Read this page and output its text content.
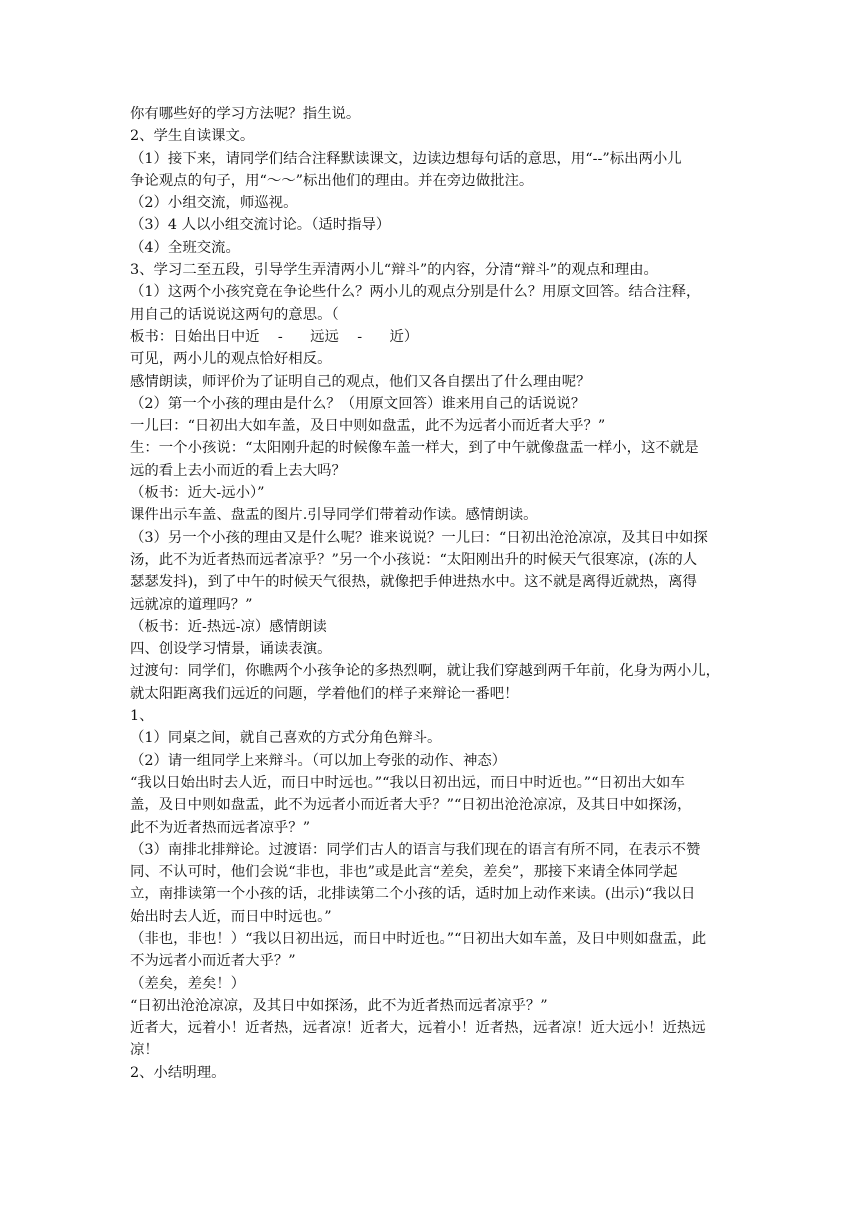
你有哪些好的学习方法呢？指生说。
2、学生自读课文。
（1）接下来，请同学们结合注释默读课文，边读边想每句话的意思，用“--”标出两小儿
争论观点的句子，用“～～”标出他们的理由。并在旁边做批注。
（2）小组交流，师巡视。
（3）4 人以小组交流讨论。（适时指导）
（4）全班交流。
3、学习二至五段，引导学生弄清两小儿“辩斗”的内容，分清“辩斗”的观点和理由。
（1）这两个小孩究竟在争论些什么？两小儿的观点分别是什么？用原文回答。结合注释，
用自己的话说说这两句的意思。（
板书：日始出日中近    -      远远    -      近）
可见，两小儿的观点恰好相反。
感情朗读，师评价为了证明自己的观点，他们又各自摆出了什么理由呢？
（2）第一个小孩的理由是什么？（用原文回答）谁来用自己的话说说？
一儿曰：“日初出大如车盖，及日中则如盘盂，此不为远者小而近者大乎？”
生：一个小孩说：“太阳刚升起的时候像车盖一样大，到了中午就像盘盂一样小，这不就是
远的看上去小而近的看上去大吗？
（板书：近大-远小）”
课件出示车盖、盘盂的图片.引导同学们带着动作读。感情朗读。
（3）另一个小孩的理由又是什么呢？谁来说说？一儿曰：“日初出沧沧凉凉，及其日中如探
汤，此不为近者热而远者凉乎？”另一个小孩说：“太阳刚出升的时候天气很寒凉，(冻的人
瑟瑟发抖)，到了中午的时候天气很热，就像把手伸进热水中。这不就是离得近就热，离得
远就凉的道理吗？”
（板书：近-热远-凉）感情朗读
四、创设学习情景，诵读表演。
过渡句：同学们，你瞧两个小孩争论的多热烈啊，就让我们穿越到两千年前，化身为两小儿，
就太阳距离我们远近的问题，学着他们的样子来辩论一番吧！
1、
（1）同桌之间，就自己喜欢的方式分角色辩斗。
（2）请一组同学上来辩斗。（可以加上夸张的动作、神态）
“我以日始出时去人近，而日中时远也。”“我以日初出远，而日中时近也。”“日初出大如车
盖，及日中则如盘盂，此不为远者小而近者大乎？”“日初出沧沧凉凉，及其日中如探汤，
此不为近者热而远者凉乎？”
（3）南排北排辩论。过渡语：同学们古人的语言与我们现在的语言有所不同，在表示不赞
同、不认可时，他们会说“非也，非也”或是此言“差矣，差矣”，那接下来请全体同学起
立，南排读第一个小孩的话，北排读第二个小孩的话，适时加上动作来读。(出示)“我以日
始出时去人近，而日中时远也。”
（非也，非也！）“我以日初出远，而日中时近也。”“日初出大如车盖，及日中则如盘盂，此
不为远者小而近者大乎？”
（差矣，差矣！）
“日初出沧沧凉凉，及其日中如探汤，此不为近者热而远者凉乎？”
近者大，远着小！近者热，远者凉！近者大，远着小！近者热，远者凉！近大远小！近热远
凉！
2、小结明理。
